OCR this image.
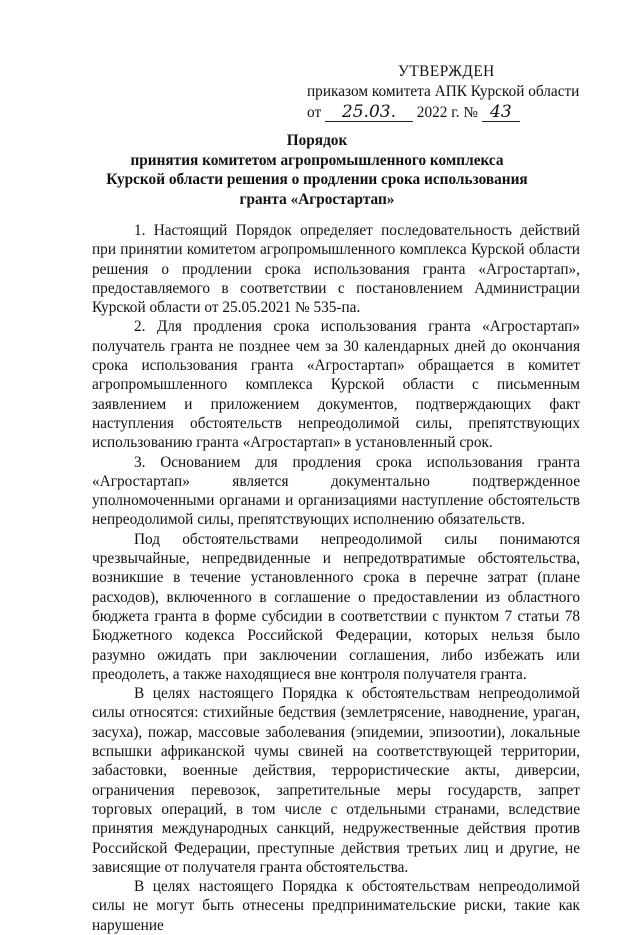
УТВЕРЖДЕН
приказом комитета АПК Курской области
от 25.03. 2022 г. № 43
Порядок
принятия комитетом агропромышленного комплекса
Курской области решения о продлении срока использования
гранта «Агростартап»

1. Настоящий Порядок определяет последовательность действий при принятии комитетом агропромышленного комплекса Курской области решения о продлении срока использования гранта «Агростартап», предоставляемого в соответствии с постановлением Администрации Курской области от 25.05.2021 № 535-па.

2. Для продления срока использования гранта «Агростартап» получатель гранта не позднее чем за 30 календарных дней до окончания срока использования гранта «Агростартап» обращается в комитет агропромышленного комплекса Курской области с письменным заявлением и приложением документов, подтверждающих факт наступления обстоятельств непреодолимой силы, препятствующих использованию гранта «Агростартап» в установленный срок.

3. Основанием для продления срока использования гранта «Агростартап» является документально подтвержденное уполномоченными органами и организациями наступление обстоятельств непреодолимой силы, препятствующих исполнению обязательств.

Под обстоятельствами непреодолимой силы понимаются чрезвычайные, непредвиденные и непредотвратимые обстоятельства, возникшие в течение установленного срока в перечне затрат (плане расходов), включенного в соглашение о предоставлении из областного бюджета гранта в форме субсидии в соответствии с пунктом 7 статьи 78 Бюджетного кодекса Российской Федерации, которых нельзя было разумно ожидать при заключении соглашения, либо избежать или преодолеть, а также находящиеся вне контроля получателя гранта.

В целях настоящего Порядка к обстоятельствам непреодолимой силы относятся: стихийные бедствия (землетрясение, наводнение, ураган, засуха), пожар, массовые заболевания (эпидемии, эпизоотии), локальные вспышки африканской чумы свиней на соответствующей территории, забастовки, военные действия, террористические акты, диверсии, ограничения перевозок, запретительные меры государств, запрет торговых операций, в том числе с отдельными странами, вследствие принятия международных санкций, недружественные действия против Российской Федерации, преступные действия третьих лиц и другие, не зависящие от получателя гранта обстоятельства.

В целях настоящего Порядка к обстоятельствам непреодолимой силы не могут быть отнесены предпринимательские риски, такие как нарушение
